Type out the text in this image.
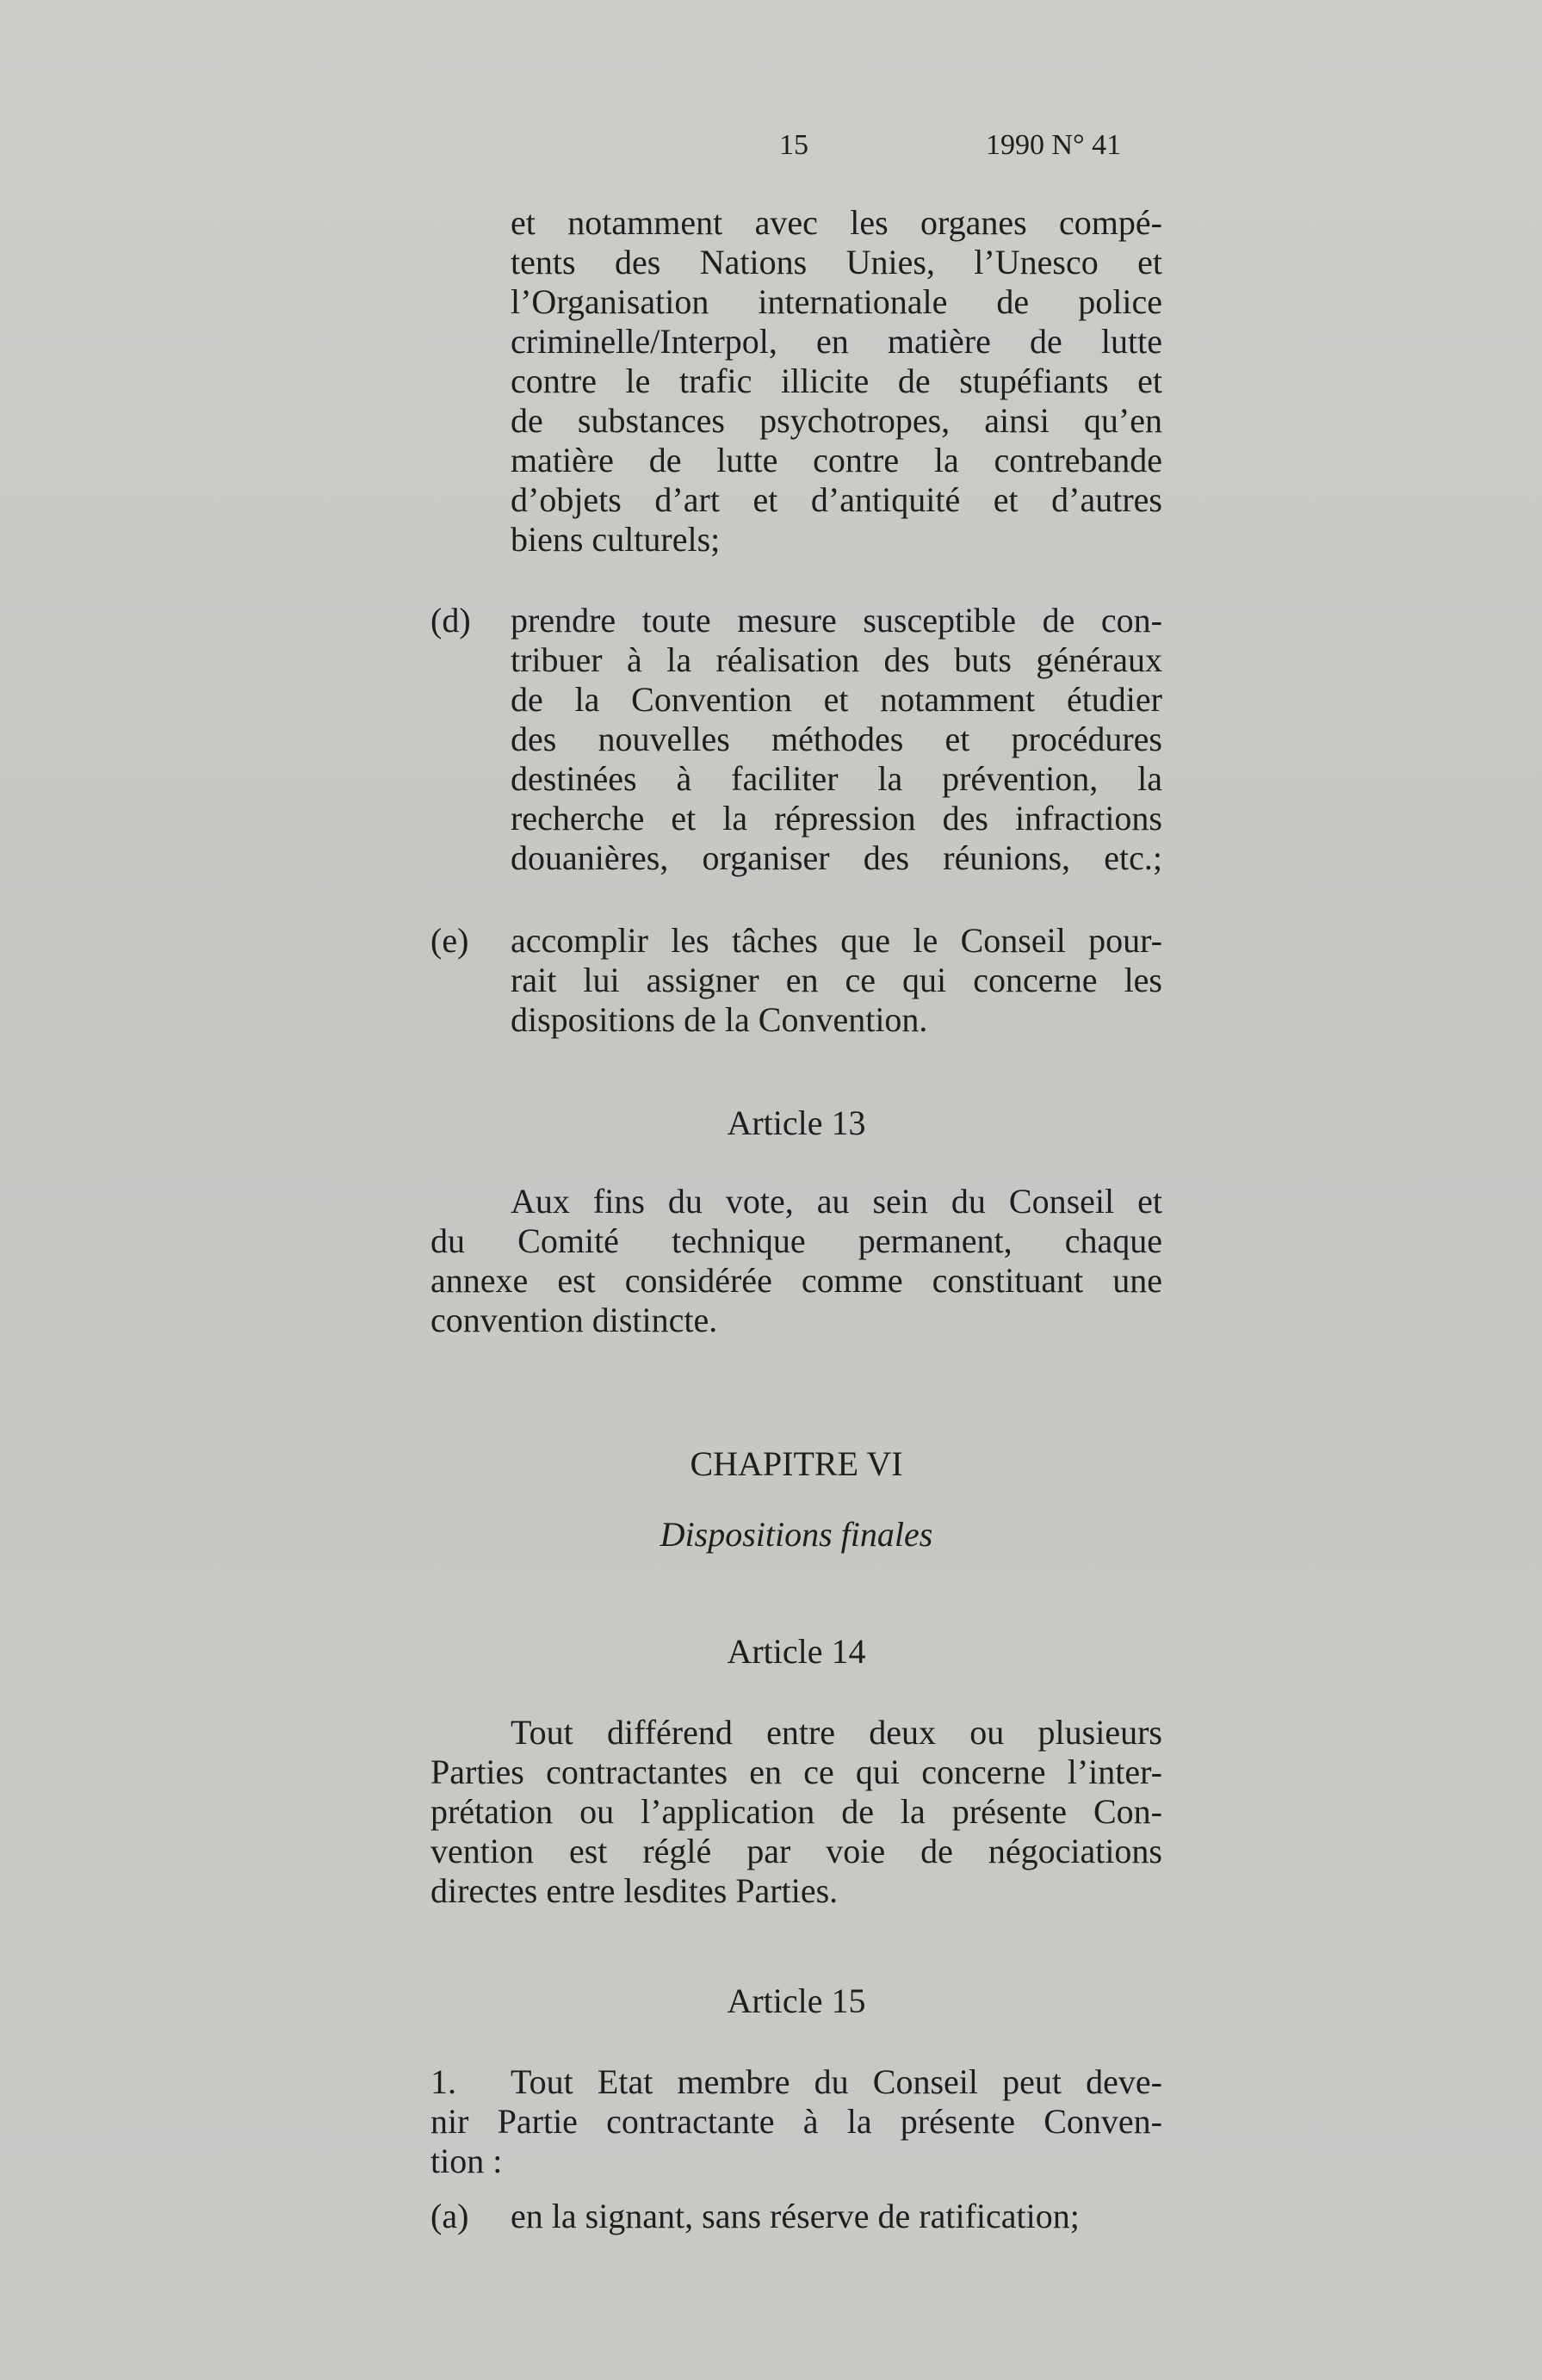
15	1990 N° 41
et notamment avec les organes compé-
tents des Nations Unies, l’Unesco et
l’Organisation internationale de police
criminelle/Interpol, en matière de lutte
contre le trafic illicite de stupéfiants et
de substances psychotropes, ainsi qu’en
matière de lutte contre la contrebande
d’objets d’art et d’antiquité et d’autres
biens culturels;
(d) prendre toute mesure susceptible de con-
tribuer à la réalisation des buts généraux
de la Convention et notamment étudier
des nouvelles méthodes et procédures
destinées à faciliter la prévention, la
recherche et la répression des infractions
douanières, organiser des réunions, etc.;
(e) accomplir les tâches que le Conseil pour-
rait lui assigner en ce qui concerne les
dispositions de la Convention.
Article 13
Aux fins du vote, au sein du Conseil et
du Comité technique permanent, chaque
annexe est considérée comme constituant une
convention distincte.
CHAPITRE VI
Dispositions finales
Article 14
Tout différend entre deux ou plusieurs
Parties contractantes en ce qui concerne l’inter-
prétation ou l’application de la présente Con-
vention est réglé par voie de négociations
directes entre lesdites Parties.
Article 15
1.	Tout Etat membre du Conseil peut deve-
nir Partie contractante à la présente Conven-
tion :
(a) en la signant, sans réserve de ratification;
